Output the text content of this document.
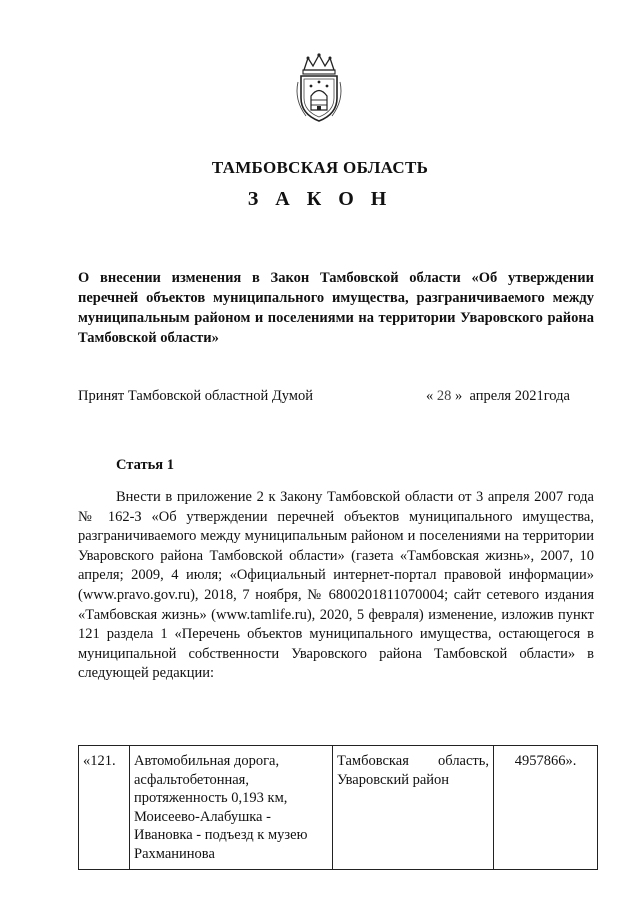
ТАМБОВСКАЯ ОБЛАСТЬ
З А К О Н
О внесении изменения в Закон Тамбовской области «Об утверждении перечней объектов муниципального имущества, разграничиваемого между муниципальным районом и поселениями на территории Уваровского района Тамбовской области»
Принят Тамбовской областной Думой	« 28 » апреля 2021года
Статья 1
Внести в приложение 2 к Закону Тамбовской области от 3 апреля 2007 года № 162-З «Об утверждении перечней объектов муниципального имущества, разграничиваемого между муниципальным районом и поселениями на территории Уваровского района Тамбовской области» (газета «Тамбовская жизнь», 2007, 10 апреля; 2009, 4 июля; «Официальный интернет-портал правовой информации» (www.pravo.gov.ru), 2018, 7 ноября, № 6800201811070004; сайт сетевого издания «Тамбовская жизнь» (www.tamlife.ru), 2020, 5 февраля) изменение, изложив пункт 121 раздела 1 «Перечень объектов муниципального имущества, остающегося в муниципальной собственности Уваровского района Тамбовской области» в следующей редакции:
«121.	Автомобильная дорога, асфальтобетонная, протяженность 0,193 км, Моисеево-Алабушка - Ивановка - подъезд к музею Рахманинова	Тамбовская область, Уваровский район	4957866».
